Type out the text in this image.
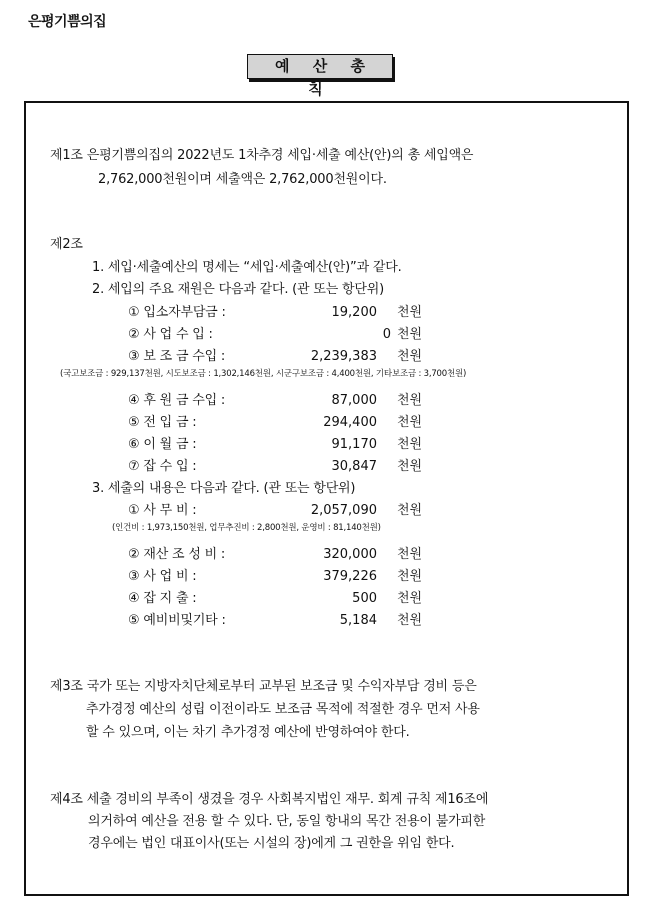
은평기쁨의집
예 산 총 칙
제1조 은평기쁨의집의 2022년도 1차추경 세입·세출 예산(안)의 총 세입액은
2,762,000천원이며 세출액은 2,762,000천원이다.
제2조
1. 세입·세출예산의 명세는 “세입·세출예산(안)”과 같다.
2. 세입의 주요 재원은 다음과 같다. (관 또는 항단위)
① 입소자부담금 :	19,200 천원
② 사 업 수 입 :	0 천원
③ 보 조 금 수입 :	2,239,383 천원
(국고보조금 : 929,137천원, 시도보조금 : 1,302,146천원, 시군구보조금 : 4,400천원, 기타보조금 : 3,700천원)
④ 후 원 금 수입 :	87,000 천원
⑤ 전 입 금 :	294,400 천원
⑥ 이 월 금 :	91,170 천원
⑦ 잡 수 입 :	30,847 천원
3. 세출의 내용은 다음과 같다. (관 또는 항단위)
① 사 무 비 :	2,057,090 천원
(인건비 : 1,973,150천원, 업무추진비 : 2,800천원, 운영비 : 81,140천원)
② 재산 조 성 비 :	320,000 천원
③ 사 업 비 :	379,226 천원
④ 잡 지 출 :	500 천원
⑤ 예비비및기타 :	5,184 천원
제3조 국가 또는 지방자치단체로부터 교부된 보조금 및 수익자부담 경비 등은
추가경정 예산의 성립 이전이라도 보조금 목적에 적절한 경우 먼저 사용
할 수 있으며, 이는 차기 추가경정 예산에 반영하여야 한다.
제4조 세출 경비의 부족이 생겼을 경우 사회복지법인 재무. 회계 규칙 제16조에
의거하여 예산을 전용 할 수 있다. 단, 동일 항내의 목간 전용이 불가피한
경우에는 법인 대표이사(또는 시설의 장)에게 그 권한을 위임 한다.
